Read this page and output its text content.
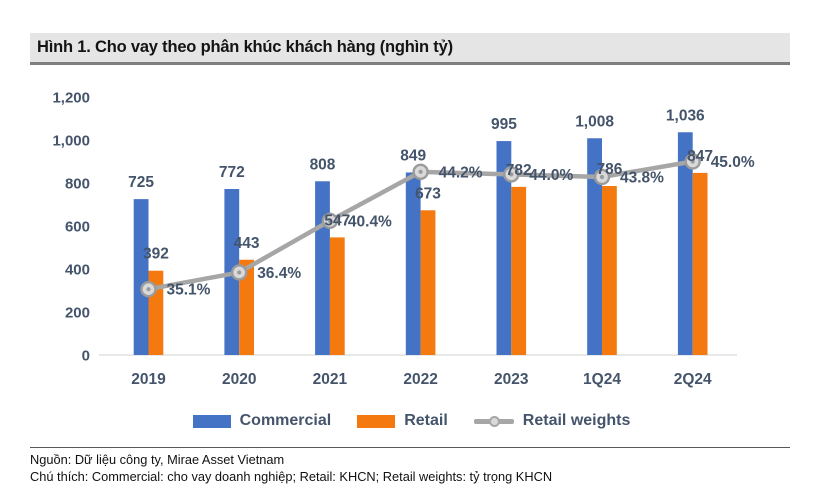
Hình 1. Cho vay theo phân khúc khách hàng (nghìn tỷ)
1,200
1,000
800
600
400
200
0
2019	2020	2021	2022	2023	1Q24	2Q24
725
392
35.1%
772
443
36.4%
808
547
40.4%
849
673
44.2%
995
782
44.0%
1,008
786
43.8%
1,036
847
45.0%
Commercial	Retail	Retail weights
Nguồn: Dữ liệu công ty, Mirae Asset Vietnam
Chú thích: Commercial: cho vay doanh nghiệp; Retail: KHCN; Retail weights: tỷ trọng KHCN
